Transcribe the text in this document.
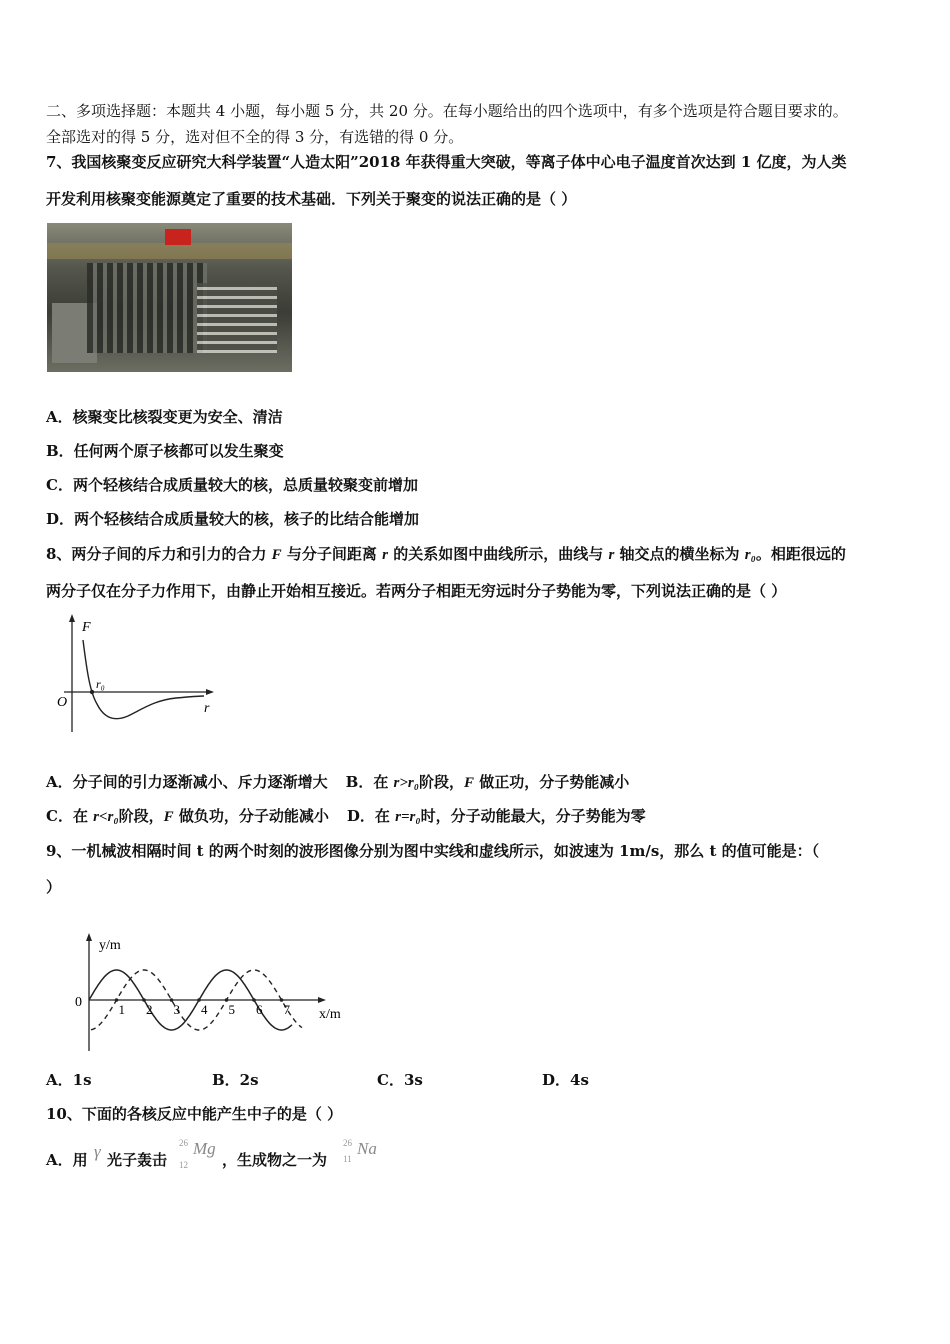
二、多项选择题：本题共 4 小题，每小题 5 分，共 20 分。在每小题给出的四个选项中，有多个选项是符合题目要求的。
全部选对的得 5 分，选对但不全的得 3 分，有选错的得 0 分。
7、我国核聚变反应研究大科学装置“人造太阳”2018 年获得重大突破，等离子体中心电子温度首次达到 1 亿度，为人类
开发利用核聚变能源奠定了重要的技术基础．下列关于聚变的说法正确的是（ ）
A．核聚变比核裂变更为安全、清洁
B．任何两个原子核都可以发生聚变
C．两个轻核结合成质量较大的核，总质量较聚变前增加
D．两个轻核结合成质量较大的核，核子的比结合能增加
8、两分子间的斥力和引力的合力 F 与分子间距离 r 的关系如图中曲线所示，曲线与 r 轴交点的横坐标为 r₀。相距很远的
两分子仅在分子力作用下，由静止开始相互接近。若两分子相距无穷远时分子势能为零，下列说法正确的是（ ）
F
r
O
r₀
A．分子间的引力逐渐减小、斥力逐渐增大 B．在 r>r₀阶段，F 做正功，分子势能减小
C．在 r<r₀阶段，F 做负功，分子动能减小 D．在 r=r₀时，分子动能最大，分子势能为零
9、一机械波相隔时间 t 的两个时刻的波形图像分别为图中实线和虚线所示，如波速为 1m/s，那么 t 的值可能是：（
）
1 2 3 4 5 6 7
y/m
x/m
0
A．1s	B．2s	C．3s	D．4s
10、下面的各核反应中能产生中子的是（ ）
A．用 γ 光子轰击
26
12
Mg
，生成物之一为
26
11
Na
